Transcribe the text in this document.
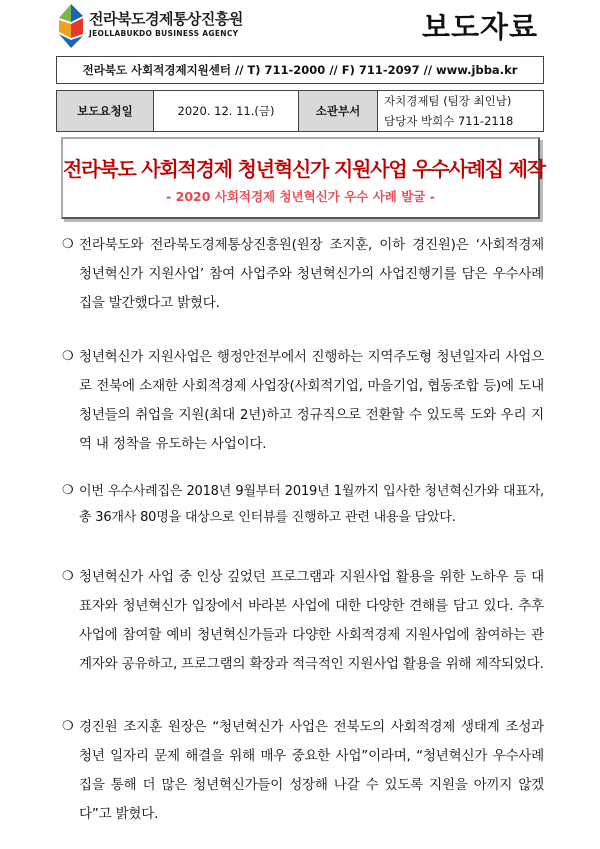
전라북도경제통상진흥원
JEOLLABUKDO BUSINESS AGENCY	보도자료
전라북도 사회적경제지원센터 // T) 711-2000 // F) 711-2097 // www.jbba.kr
보도요청일	2020. 12. 11.(금)	소관부서	
자치경제팀 (팀장 최인남)
담당자 박희수 711-2118
전라북도 사회적경제 청년혁신가 지원사업 우수사례집 제작
- 2020 사회적경제 청년혁신가 우수 사례 발굴 -
❍ 전라북도와 전라북도경제통상진흥원(원장 조지훈, 이하 경진원)은 ‘사회적경제 청년혁신가 지원사업’ 참여 사업주와 청년혁신가의 사업진행기를 담은 우수사례집을 발간했다고 밝혔다.
❍ 청년혁신가 지원사업은 행정안전부에서 진행하는 지역주도형 청년일자리 사업으로 전북에 소재한 사회적경제 사업장(사회적기업, 마을기업, 협동조합 등)에 도내 청년들의 취업을 지원(최대 2년)하고 정규직으로 전환할 수 있도록 도와 우리 지역 내 정착을 유도하는 사업이다.
❍ 이번 우수사례집은 2018년 9월부터 2019년 1월까지 입사한 청년혁신가와 대표자, 총 36개사 80명을 대상으로 인터뷰를 진행하고 관련 내용을 담았다.
❍ 청년혁신가 사업 중 인상 깊었던 프로그램과 지원사업 활용을 위한 노하우 등 대표자와 청년혁신가 입장에서 바라본 사업에 대한 다양한 견해를 담고 있다. 추후 사업에 참여할 예비 청년혁신가들과 다양한 사회적경제 지원사업에 참여하는 관계자와 공유하고, 프로그램의 확장과 적극적인 지원사업 활용을 위해 제작되었다.
❍ 경진원 조지훈 원장은 “청년혁신가 사업은 전북도의 사회적경제 생태계 조성과 청년 일자리 문제 해결을 위해 매우 중요한 사업”이라며, “청년혁신가 우수사례집을 통해 더 많은 청년혁신가들이 성장해 나갈 수 있도록 지원을 아끼지 않겠다”고 밝혔다.
